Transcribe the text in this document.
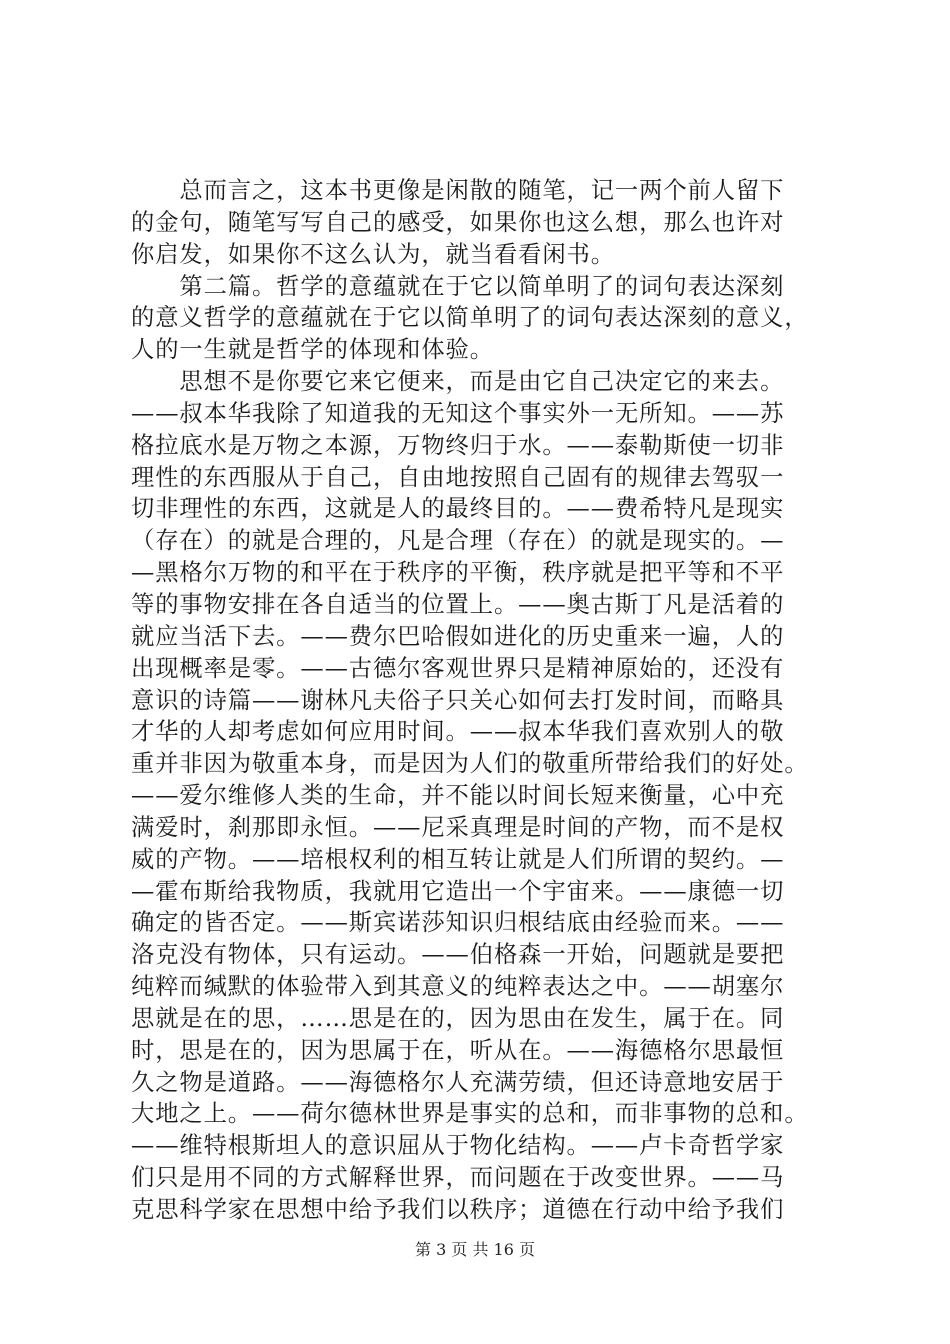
　　总而言之，这本书更像是闲散的随笔，记一两个前人留下
的金句，随笔写写自己的感受，如果你也这么想，那么也许对
你启发，如果你不这么认为，就当看看闲书。
　　第二篇。哲学的意蕴就在于它以简单明了的词句表达深刻
的意义哲学的意蕴就在于它以简单明了的词句表达深刻的意义，
人的一生就是哲学的体现和体验。
　　思想不是你要它来它便来，而是由它自己决定它的来去。
——叔本华我除了知道我的无知这个事实外一无所知。——苏
格拉底水是万物之本源，万物终归于水。——泰勒斯使一切非
理性的东西服从于自己，自由地按照自己固有的规律去驾驭一
切非理性的东西，这就是人的最终目的。——费希特凡是现实
（存在）的就是合理的，凡是合理（存在）的就是现实的。—
—黑格尔万物的和平在于秩序的平衡，秩序就是把平等和不平
等的事物安排在各自适当的位置上。——奥古斯丁凡是活着的
就应当活下去。——费尔巴哈假如进化的历史重来一遍，人的
出现概率是零。——古德尔客观世界只是精神原始的，还没有
意识的诗篇——谢林凡夫俗子只关心如何去打发时间，而略具
才华的人却考虑如何应用时间。——叔本华我们喜欢别人的敬
重并非因为敬重本身，而是因为人们的敬重所带给我们的好处。
——爱尔维修人类的生命，并不能以时间长短来衡量，心中充
满爱时，刹那即永恒。——尼采真理是时间的产物，而不是权
威的产物。——培根权利的相互转让就是人们所谓的契约。—
—霍布斯给我物质，我就用它造出一个宇宙来。——康德一切
确定的皆否定。——斯宾诺莎知识归根结底由经验而来。——
洛克没有物体，只有运动。——伯格森一开始，问题就是要把
纯粹而缄默的体验带入到其意义的纯粹表达之中。——胡塞尔
思就是在的思，……思是在的，因为思由在发生，属于在。同
时，思是在的，因为思属于在，听从在。——海德格尔思最恒
久之物是道路。——海德格尔人充满劳绩，但还诗意地安居于
大地之上。——荷尔德林世界是事实的总和，而非事物的总和。
——维特根斯坦人的意识屈从于物化结构。——卢卡奇哲学家
们只是用不同的方式解释世界，而问题在于改变世界。——马
克思科学家在思想中给予我们以秩序；道德在行动中给予我们
第 3 页 共 16 页
